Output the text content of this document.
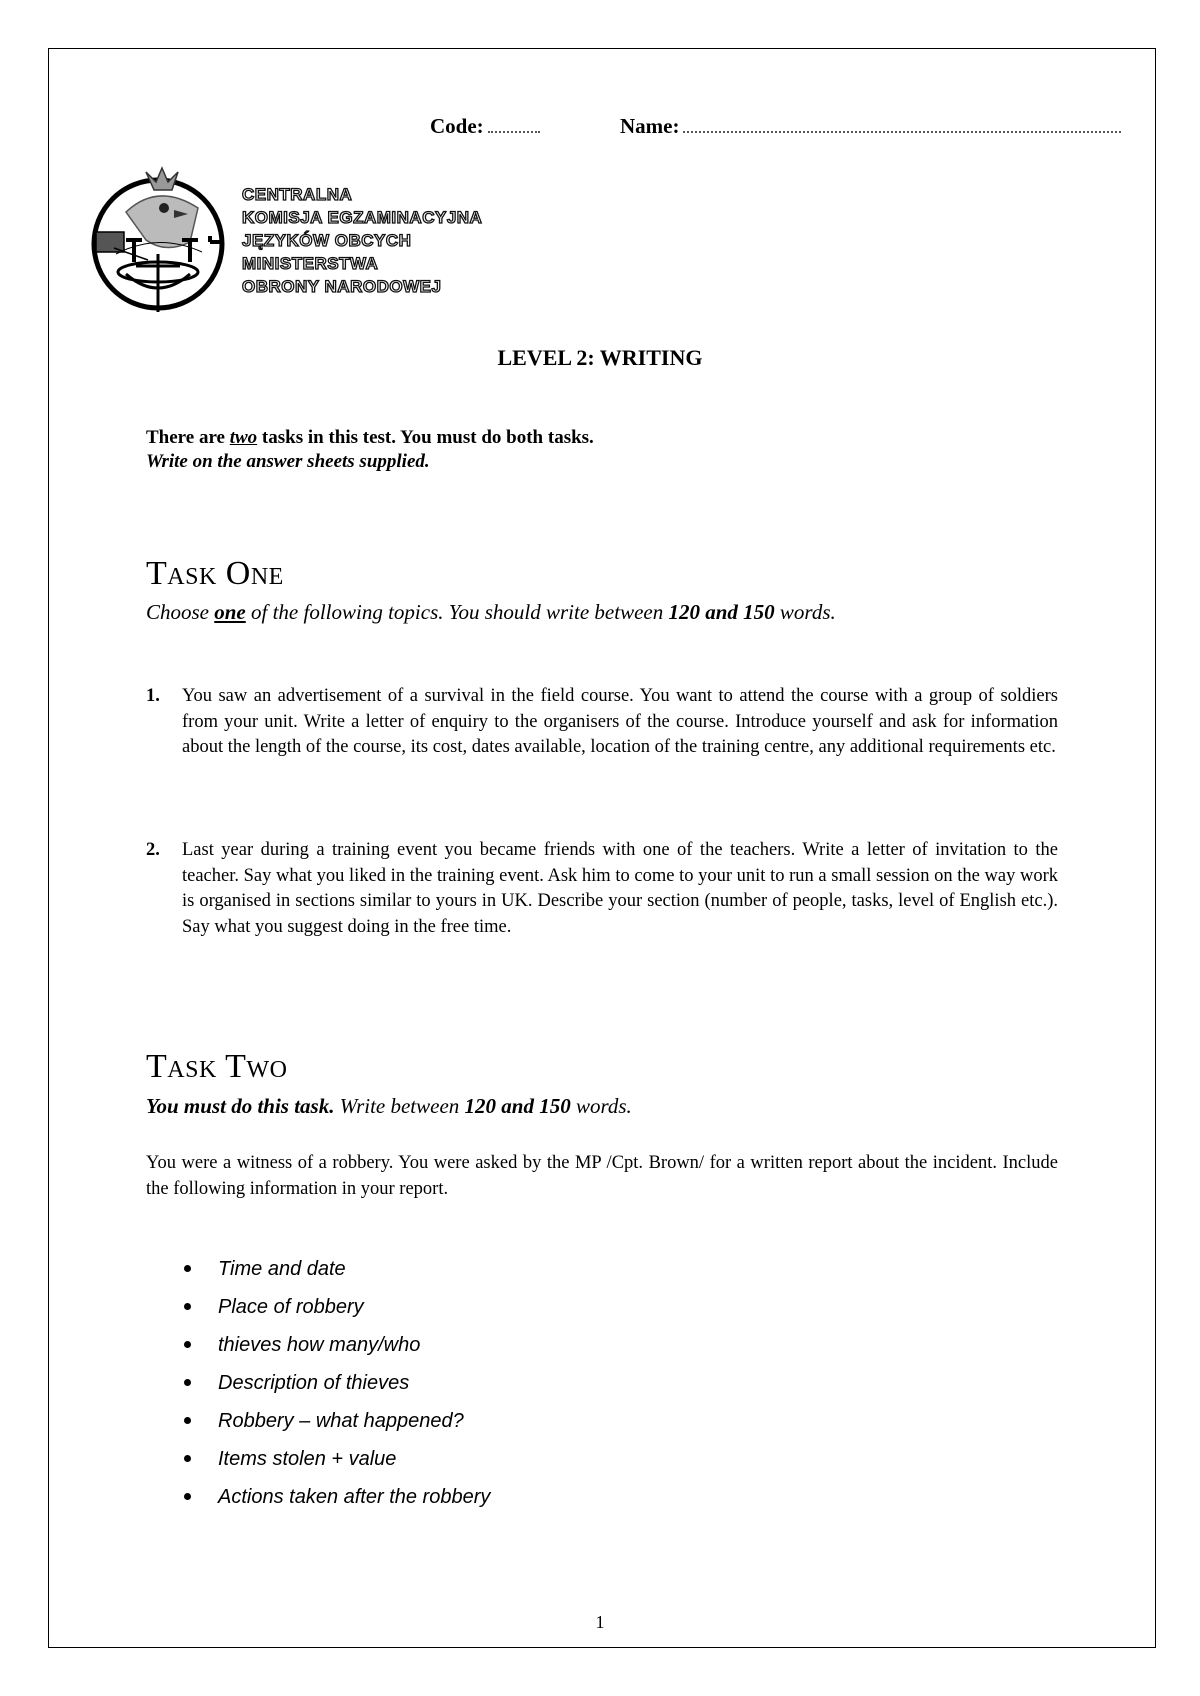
Code:	Name:
CENTRALNA
KOMISJA EGZAMINACYJNA
JĘZYKÓW OBCYCH
MINISTERSTWA
OBRONY NARODOWEJ
LEVEL 2: WRITING
There are two tasks in this test. You must do both tasks.
Write on the answer sheets supplied.
Task One
Choose one of the following topics. You should write between 120 and 150 words.
1. You saw an advertisement of a survival in the field course. You want to attend the course with a group of soldiers from your unit. Write a letter of enquiry to the organisers of the course. Introduce yourself and ask for information about the length of the course, its cost, dates available, location of the training centre, any additional requirements etc.
2. Last year during a training event you became friends with one of the teachers. Write a letter of invitation to the teacher. Say what you liked in the training event. Ask him to come to your unit to run a small session on the way work is organised in sections similar to yours in UK. Describe your section (number of people, tasks, level of English etc.). Say what you suggest doing in the free time.
Task Two
You must do this task. Write between 120 and 150 words.
You were a witness of a robbery. You were asked by the MP /Cpt. Brown/ for a written report about the incident. Include the following information in your report.
Time and date
Place of robbery
thieves how many/who
Description of thieves
Robbery – what happened?
Items stolen + value
Actions taken after the robbery
1
